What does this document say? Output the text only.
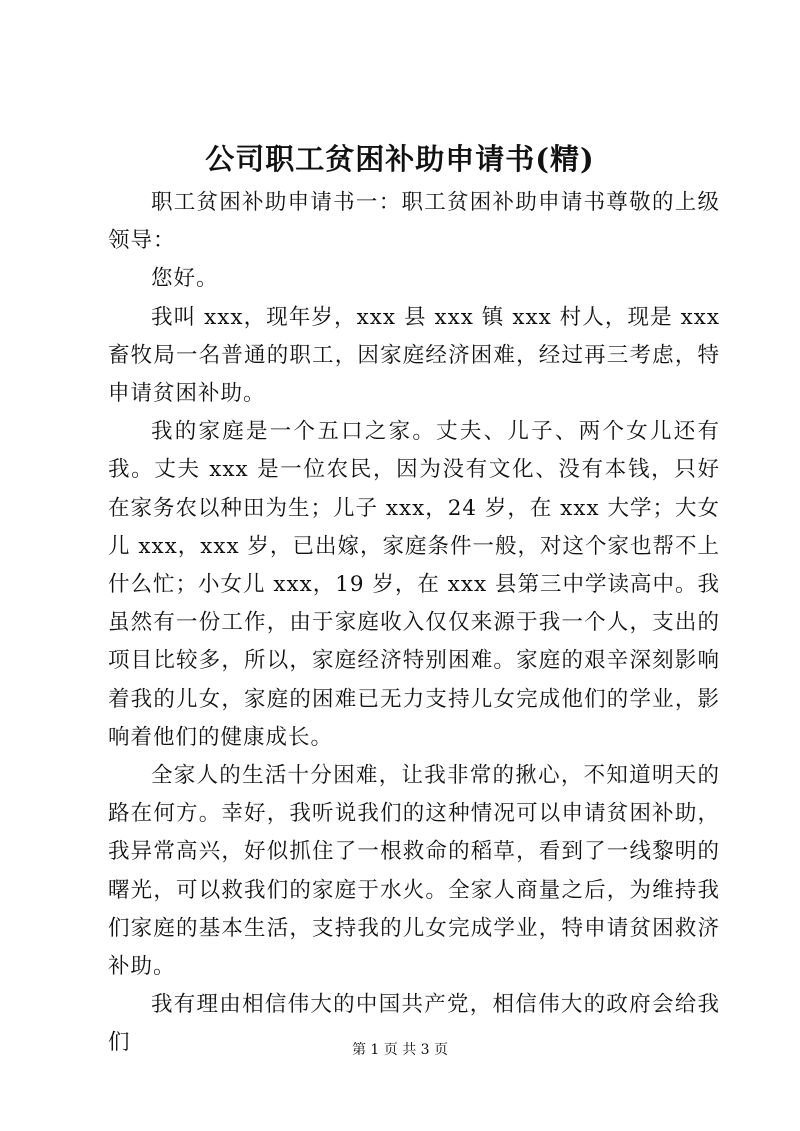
公司职工贫困补助申请书(精)

职工贫困补助申请书一：职工贫困补助申请书尊敬的上级领导：

您好。

我叫 xxx，现年岁，xxx 县 xxx 镇 xxx 村人，现是 xxx 畜牧局一名普通的职工，因家庭经济困难，经过再三考虑，特申请贫困补助。

我的家庭是一个五口之家。丈夫、儿子、两个女儿还有我。丈夫 xxx 是一位农民，因为没有文化、没有本钱，只好在家务农以种田为生；儿子 xxx，24 岁，在 xxx 大学；大女儿 xxx，xxx 岁，已出嫁，家庭条件一般，对这个家也帮不上什么忙；小女儿 xxx，19 岁，在 xxx 县第三中学读高中。我虽然有一份工作，由于家庭收入仅仅来源于我一个人，支出的项目比较多，所以，家庭经济特别困难。家庭的艰辛深刻影响着我的儿女，家庭的困难已无力支持儿女完成他们的学业，影响着他们的健康成长。

全家人的生活十分困难，让我非常的揪心，不知道明天的路在何方。幸好，我听说我们的这种情况可以申请贫困补助，我异常高兴，好似抓住了一根救命的稻草，看到了一线黎明的曙光，可以救我们的家庭于水火。全家人商量之后，为维持我们家庭的基本生活，支持我的儿女完成学业，特申请贫困救济补助。

我有理由相信伟大的中国共产党，相信伟大的政府会给我们	第 1 页 共 3 页
